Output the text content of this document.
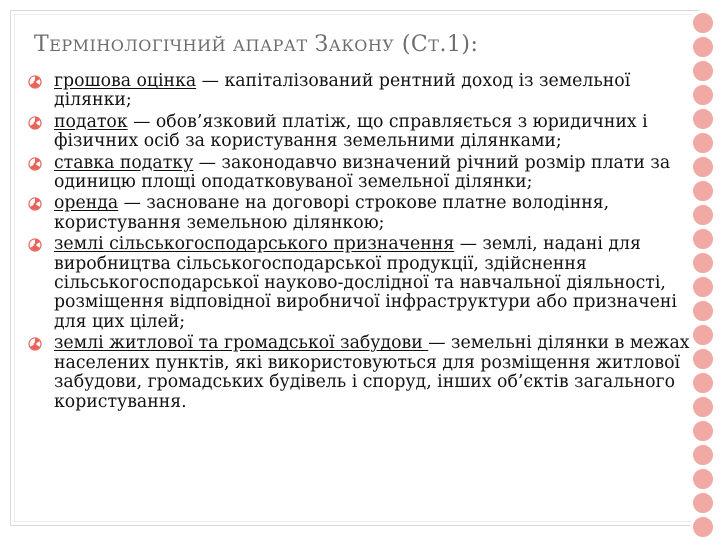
ТЕРМІНОЛОГІЧНИЙ АПАРАТ ЗАКОНУ (СТ.1):
грошова оцінка — капіталізований рентний доход із земельної ділянки;
податок — обов’язковий платіж, що справляється з юридичних і фізичних осіб за користування земельними ділянками;
ставка податку — законодавчо визначений річний розмір плати за одиницю площі оподатковуваної земельної ділянки;
оренда — засноване на договорі строкове платне володіння, користування земельною ділянкою;
землі сільськогосподарського призначення — землі, надані для виробництва сільськогосподарської продукції, здійснення сільськогосподарської науково-дослідної та навчальної діяльності, розміщення відповідної виробничої інфраструктури або призначені для цих цілей;
землі житлової та громадської забудови — земельні ділянки в межах населених пунктів, які використовуються для розміщення житлової забудови, громадських будівель і споруд, інших об’єктів загального користування.
